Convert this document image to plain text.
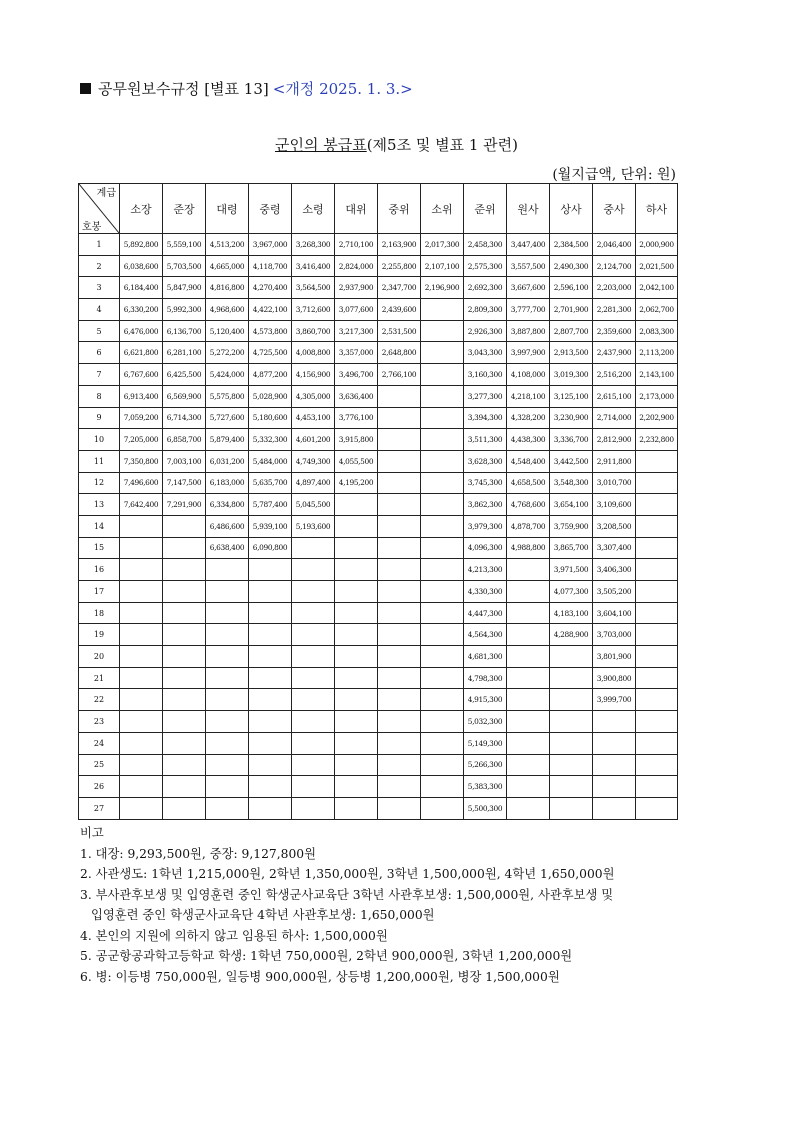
공무원보수규정 [별표 13] <개정 2025. 1. 3.>
군인의 봉급표(제5조 및 별표 1 관련)
(월지급액, 단위: 원)
계급
호봉	소장	준장	대령	중령	소령	대위	중위	소위	준위	원사	상사	중사	하사
1	5,892,800	5,559,100	4,513,200	3,967,000	3,268,300	2,710,100	2,163,900	2,017,300	2,458,300	3,447,400	2,384,500	2,046,400	2,000,900
2	6,038,600	5,703,500	4,665,000	4,118,700	3,416,400	2,824,000	2,255,800	2,107,100	2,575,300	3,557,500	2,490,300	2,124,700	2,021,500
3	6,184,400	5,847,900	4,816,800	4,270,400	3,564,500	2,937,900	2,347,700	2,196,900	2,692,300	3,667,600	2,596,100	2,203,000	2,042,100
4	6,330,200	5,992,300	4,968,600	4,422,100	3,712,600	3,077,600	2,439,600		2,809,300	3,777,700	2,701,900	2,281,300	2,062,700
5	6,476,000	6,136,700	5,120,400	4,573,800	3,860,700	3,217,300	2,531,500		2,926,300	3,887,800	2,807,700	2,359,600	2,083,300
6	6,621,800	6,281,100	5,272,200	4,725,500	4,008,800	3,357,000	2,648,800		3,043,300	3,997,900	2,913,500	2,437,900	2,113,200
7	6,767,600	6,425,500	5,424,000	4,877,200	4,156,900	3,496,700	2,766,100		3,160,300	4,108,000	3,019,300	2,516,200	2,143,100
8	6,913,400	6,569,900	5,575,800	5,028,900	4,305,000	3,636,400			3,277,300	4,218,100	3,125,100	2,615,100	2,173,000
9	7,059,200	6,714,300	5,727,600	5,180,600	4,453,100	3,776,100			3,394,300	4,328,200	3,230,900	2,714,000	2,202,900
10	7,205,000	6,858,700	5,879,400	5,332,300	4,601,200	3,915,800			3,511,300	4,438,300	3,336,700	2,812,900	2,232,800
11	7,350,800	7,003,100	6,031,200	5,484,000	4,749,300	4,055,500			3,628,300	4,548,400	3,442,500	2,911,800	
12	7,496,600	7,147,500	6,183,000	5,635,700	4,897,400	4,195,200			3,745,300	4,658,500	3,548,300	3,010,700	
13	7,642,400	7,291,900	6,334,800	5,787,400	5,045,500				3,862,300	4,768,600	3,654,100	3,109,600	
14			6,486,600	5,939,100	5,193,600				3,979,300	4,878,700	3,759,900	3,208,500	
15			6,638,400	6,090,800					4,096,300	4,988,800	3,865,700	3,307,400	
16									4,213,300		3,971,500	3,406,300	
17									4,330,300		4,077,300	3,505,200	
18									4,447,300		4,183,100	3,604,100	
19									4,564,300		4,288,900	3,703,000	
20									4,681,300			3,801,900	
21									4,798,300			3,900,800	
22									4,915,300			3,999,700	
23									5,032,300				
24									5,149,300				
25									5,266,300				
26									5,383,300				
27									5,500,300				
비고
1. 대장: 9,293,500원, 중장: 9,127,800원
2. 사관생도: 1학년 1,215,000원, 2학년 1,350,000원, 3학년 1,500,000원, 4학년 1,650,000원
3. 부사관후보생 및 입영훈련 중인 학생군사교육단 3학년 사관후보생: 1,500,000원, 사관후보생 및
입영훈련 중인 학생군사교육단 4학년 사관후보생: 1,650,000원
4. 본인의 지원에 의하지 않고 임용된 하사: 1,500,000원
5. 공군항공과학고등학교 학생: 1학년 750,000원, 2학년 900,000원, 3학년 1,200,000원
6. 병: 이등병 750,000원, 일등병 900,000원, 상등병 1,200,000원, 병장 1,500,000원
